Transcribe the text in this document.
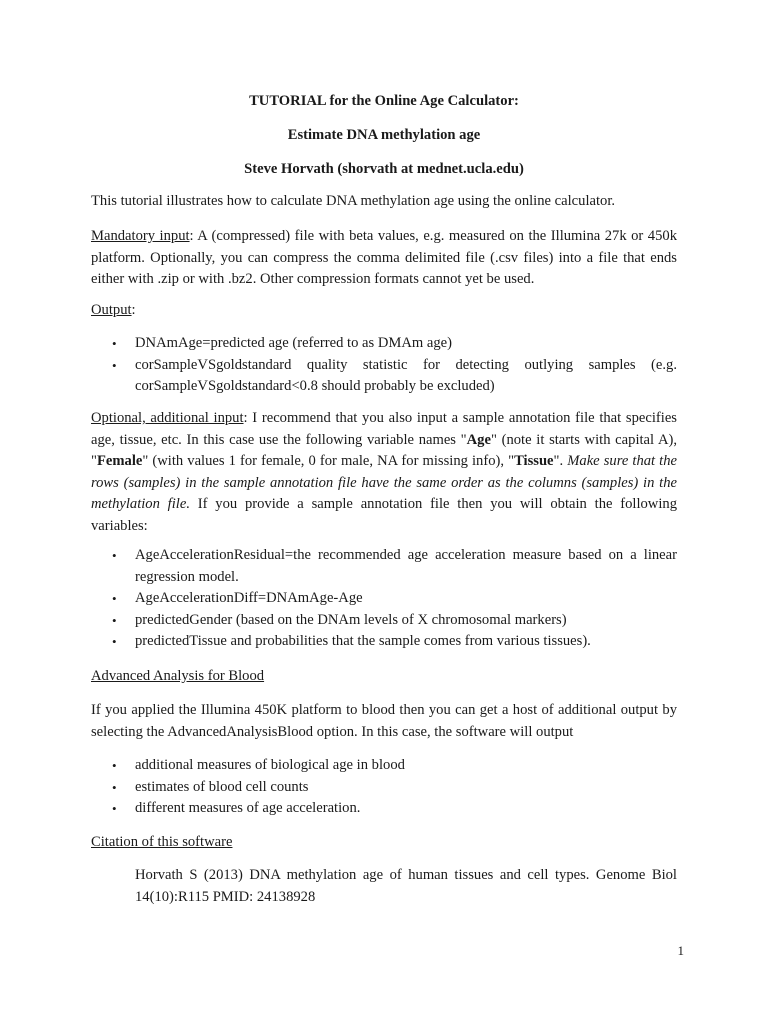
TUTORIAL for the Online Age Calculator:
Estimate DNA methylation age
Steve Horvath (shorvath at mednet.ucla.edu)

This tutorial illustrates how to calculate DNA methylation age using the online calculator.

Mandatory input: A (compressed) file with beta values, e.g. measured on the Illumina 27k or 450k platform. Optionally, you can compress the comma delimited file (.csv files) into a file that ends either with .zip or with .bz2. Other compression formats cannot yet be used.

Output:

• DNAmAge=predicted age (referred to as DMAm age)
• corSampleVSgoldstandard quality statistic for detecting outlying samples (e.g. corSampleVSgoldstandard<0.8 should probably be excluded)

Optional, additional input: I recommend that you also input a sample annotation file that specifies age, tissue, etc. In this case use the following variable names "Age" (note it starts with capital A), "Female" (with values 1 for female, 0 for male, NA for missing info), "Tissue". Make sure that the rows (samples) in the sample annotation file have the same order as the columns (samples) in the methylation file. If you provide a sample annotation file then you will obtain the following variables:

• AgeAccelerationResidual=the recommended age acceleration measure based on a linear regression model.
• AgeAccelerationDiff=DNAmAge-Age
• predictedGender (based on the DNAm levels of X chromosomal markers)
• predictedTissue and probabilities that the sample comes from various tissues).

Advanced Analysis for Blood

If you applied the Illumina 450K platform to blood then you can get a host of additional output by selecting the AdvancedAnalysisBlood option. In this case, the software will output

• additional measures of biological age in blood
• estimates of blood cell counts
• different measures of age acceleration.

Citation of this software

Horvath S (2013) DNA methylation age of human tissues and cell types. Genome Biol 14(10):R115 PMID: 24138928

1
